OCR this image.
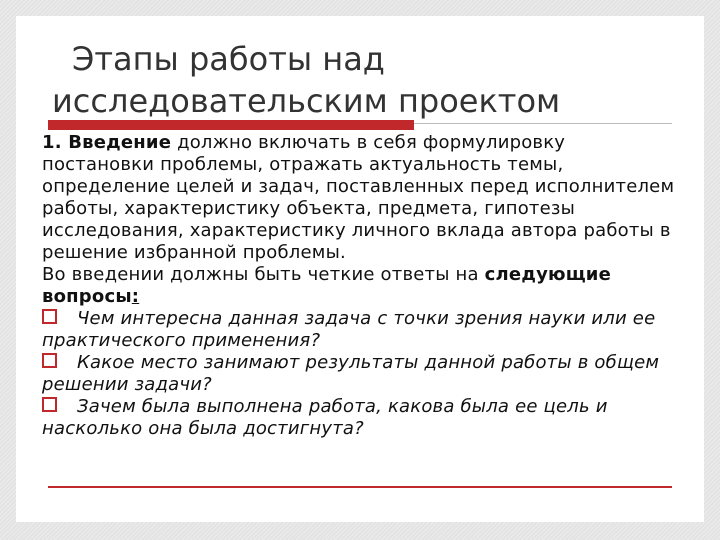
Этапы работы над
исследовательским проектом

1. Введение должно включать в себя формулировку постановки проблемы, отражать актуальность темы, определение целей и задач, поставленных перед исполнителем работы, характеристику объекта, предмета, гипотезы исследования, характеристику личного вклада автора работы в решение избранной проблемы.

Во введении должны быть четкие ответы на следующие вопросы:

Чем интересна данная задача с точки зрения науки или ее практического применения?

Какое место занимают результаты данной работы в общем решении задачи?

Зачем была выполнена работа, какова была ее цель и насколько она была достигнута?
